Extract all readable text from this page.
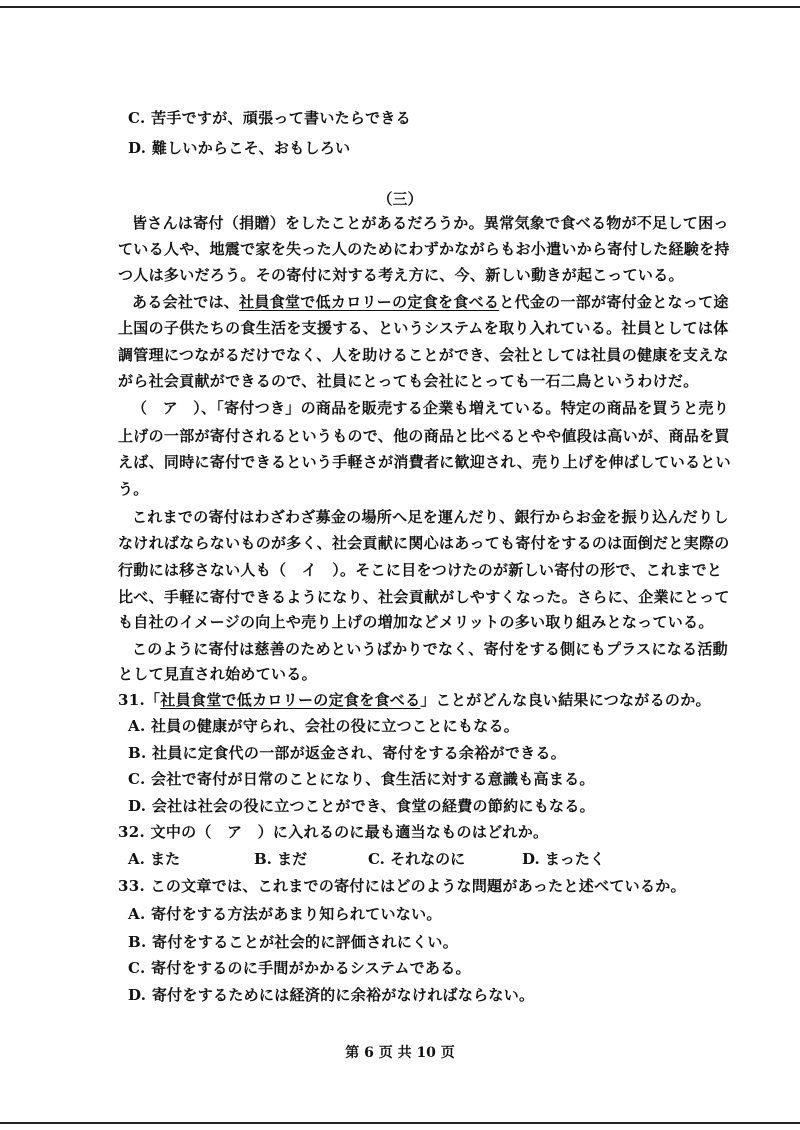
C. 苦手ですが、頑張って書いたらできる
D. 難しいからこそ、おもしろい
（三）
皆さんは寄付（捐贈）をしたことがあるだろうか。異常気象で食べる物が不足して困っ
ている人や、地震で家を失った人のためにわずかながらもお小遣いから寄付した経験を持
つ人は多いだろう。その寄付に対する考え方に、今、新しい動きが起こっている。
ある会社では、社員食堂で低カロリーの定食を食べると代金の一部が寄付金となって途
上国の子供たちの食生活を支援する、というシステムを取り入れている。社員としては体
調管理につながるだけでなく、人を助けることができ、会社としては社員の健康を支えな
がら社会貢献ができるので、社員にとっても会社にとっても一石二鳥というわけだ。
（　ア　）、「寄付つき」の商品を販売する企業も増えている。特定の商品を買うと売り
上げの一部が寄付されるというもので、他の商品と比べるとやや値段は高いが、商品を買
えば、同時に寄付できるという手軽さが消費者に歓迎され、売り上げを伸ばしているとい
う。
これまでの寄付はわざわざ募金の場所へ足を運んだり、銀行からお金を振り込んだりし
なければならないものが多く、社会貢献に関心はあっても寄付をするのは面倒だと実際の
行動には移さない人も（　イ　）。そこに目をつけたのが新しい寄付の形で、これまでと
比べ、手軽に寄付できるようになり、社会貢献がしやすくなった。さらに、企業にとって
も自社のイメージの向上や売り上げの増加などメリットの多い取り組みとなっている。
このように寄付は慈善のためというばかりでなく、寄付をする側にもプラスになる活動
として見直され始めている。
31.「社員食堂で低カロリーの定食を食べる」ことがどんな良い結果につながるのか。
A. 社員の健康が守られ、会社の役に立つことにもなる。
B. 社員に定食代の一部が返金され、寄付をする余裕ができる。
C. 会社で寄付が日常のことになり、食生活に対する意識も高まる。
D. 会社は社会の役に立つことができ、食堂の経費の節約にもなる。
32. 文中の（　ア　）に入れるのに最も適当なものはどれか。
A. また	B. まだ	C. それなのに	D. まったく
33. この文章では、これまでの寄付にはどのような問題があったと述べているか。
A. 寄付をする方法があまり知られていない。
B. 寄付をすることが社会的に評価されにくい。
C. 寄付をするのに手間がかかるシステムである。
D. 寄付をするためには経済的に余裕がなければならない。
第 6 页 共 10 页
